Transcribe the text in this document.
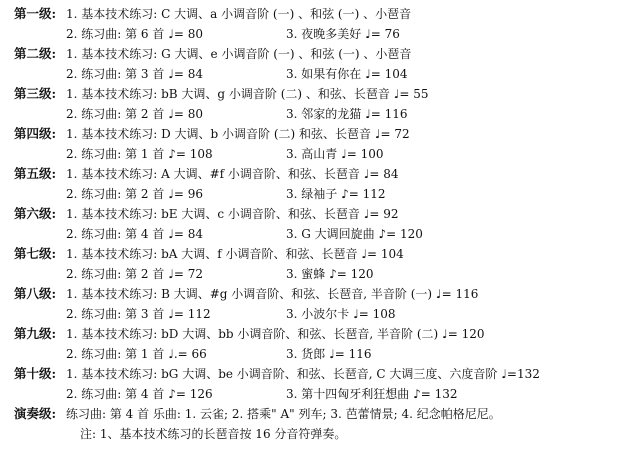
第一级: 1. 基本技术练习: C 大调、a 小调音阶 (一) 、和弦 (一) 、小琶音
2. 练习曲: 第 6 首 ♩= 80	3. 夜晚多美好 ♩= 76
第二级: 1. 基本技术练习: G 大调、e 小调音阶 (一) 、和弦 (一) 、小琶音
2. 练习曲: 第 3 首 ♩= 84	3. 如果有你在 ♩= 104
第三级: 1. 基本技术练习: bB 大调、g 小调音阶 (二) 、和弦、长琶音 ♩= 55
2. 练习曲: 第 2 首 ♩= 80	3. 邻家的龙猫 ♩= 116
第四级: 1. 基本技术练习: D 大调、b 小调音阶 (二) 和弦、长琶音 ♩= 72
2. 练习曲: 第 1 首 ♪= 108	3. 高山青 ♩= 100
第五级: 1. 基本技术练习: A 大调、#f 小调音阶、和弦、长琶音 ♩= 84
2. 练习曲: 第 2 首 ♩= 96	3. 绿袖子 ♪= 112
第六级: 1. 基本技术练习: bE 大调、c 小调音阶、和弦、长琶音 ♩= 92
2. 练习曲: 第 4 首 ♩= 84	3. G 大调回旋曲 ♪= 120
第七级: 1. 基本技术练习: bA 大调、f 小调音阶、和弦、长琶音 ♩= 104
2. 练习曲: 第 2 首 ♩= 72	3. 蜜蜂 ♪= 120
第八级: 1. 基本技术练习: B 大调、#g 小调音阶、和弦、长琶音, 半音阶 (一) ♩= 116
2. 练习曲: 第 3 首 ♩= 112	3. 小波尔卡 ♩= 108
第九级: 1. 基本技术练习: bD 大调、bb 小调音阶、和弦、长琶音, 半音阶 (二) ♩= 120
2. 练习曲: 第 1 首 ♩.= 66	3. 货郎 ♩= 116
第十级: 1. 基本技术练习: bG 大调、be 小调音阶、和弦、长琶音, C 大调三度、六度音阶 ♩=132
2. 练习曲: 第 4 首 ♪= 126	3. 第十四匈牙利狂想曲 ♪= 132
演奏级: 练习曲: 第 4 首 乐曲: 1. 云雀; 2. 搭乘" A" 列车; 3. 芭蕾情景; 4. 纪念帕格尼尼。
注: 1、基本技术练习的长琶音按 16 分音符弹奏。
